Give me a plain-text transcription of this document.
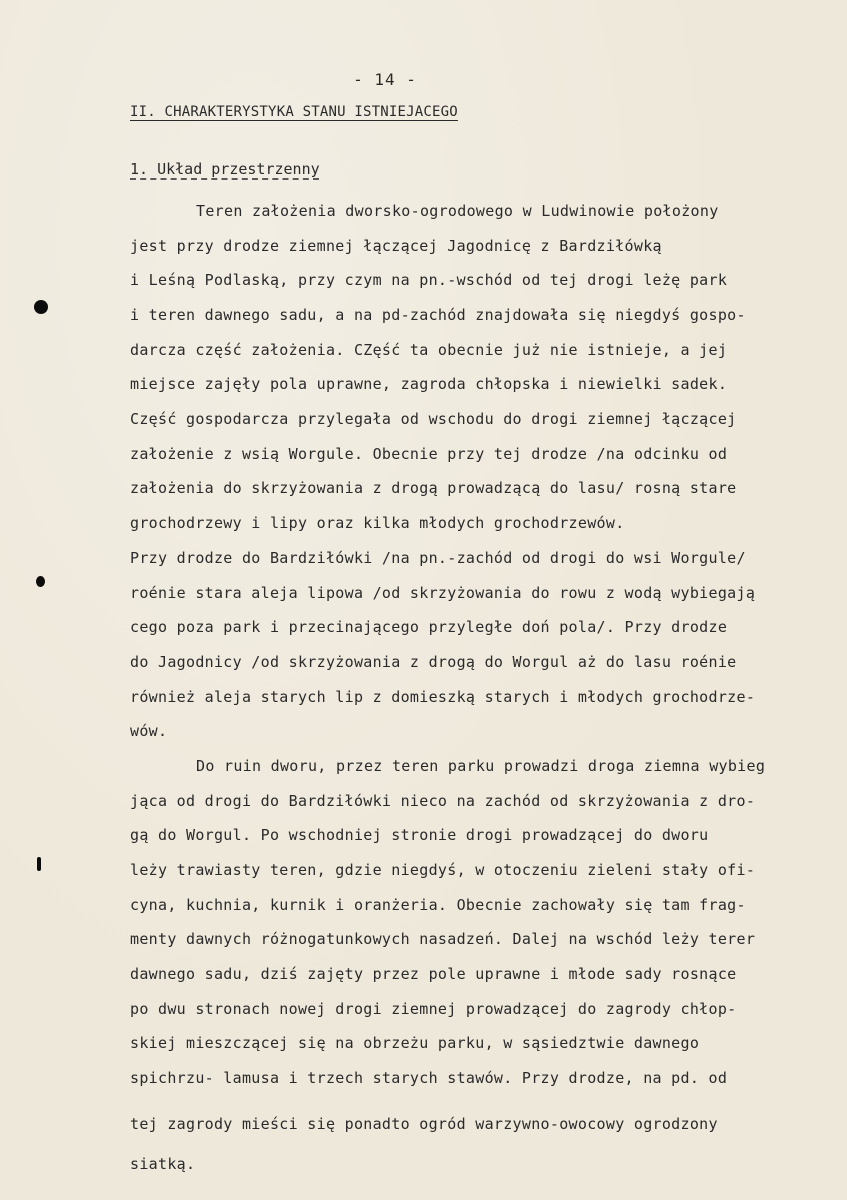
- 14 -
II. CHARAKTERYSTYKA STANU ISTNIEJACEGO
1. Układ przestrzenny
Teren założenia dworsko-ogrodowego w Ludwinowie położony
jest przy drodze ziemnej łączącej Jagodnicę z Bardziłówką
i Leśną Podlaską, przy czym na pn.-wschód od tej drogi leżę park
i teren dawnego sadu, a na pd-zachód znajdowała się niegdyś gospo-
darcza część założenia. CZęść ta obecnie już nie istnieje, a jej
miejsce zajęły pola uprawne, zagroda chłopska i niewielki sadek.
Część gospodarcza przylegała od wschodu do drogi ziemnej łączącej
założenie z wsią Worgule. Obecnie przy tej drodze /na odcinku od
założenia do skrzyżowania z drogą prowadzącą do lasu/ rosną stare
grochodrzewy i lipy oraz kilka młodych grochodrzewów.
Przy drodze do Bardziłówki /na pn.-zachód od drogi do wsi Worgule/
roénie stara aleja lipowa /od skrzyżowania do rowu z wodą wybiegają
cego poza park i przecinającego przyległe doń pola/. Przy drodze
do Jagodnicy /od skrzyżowania z drogą do Worgul aż do lasu roénie
również aleja starych lip z domieszką starych i młodych grochodrze-
wów.
Do ruin dworu, przez teren parku prowadzi droga ziemna wybieg
jąca od drogi do Bardziłówki nieco na zachód od skrzyżowania z dro-
gą do Worgul. Po wschodniej stronie drogi prowadzącej do dworu
leży trawiasty teren, gdzie niegdyś, w otoczeniu zieleni stały ofi-
cyna, kuchnia, kurnik i oranżeria. Obecnie zachowały się tam frag-
menty dawnych różnogatunkowych nasadzeń. Dalej na wschód leży terer
dawnego sadu, dziś zajęty przez pole uprawne i młode sady rosnące
po dwu stronach nowej drogi ziemnej prowadzącej do zagrody chłop-
skiej mieszczącej się na obrzeżu parku, w sąsiedztwie dawnego
spichrzu- lamusa i trzech starych stawów. Przy drodze, na pd. od
tej zagrody mieści się ponadto ogród warzywno-owocowy ogrodzony
siatką.
